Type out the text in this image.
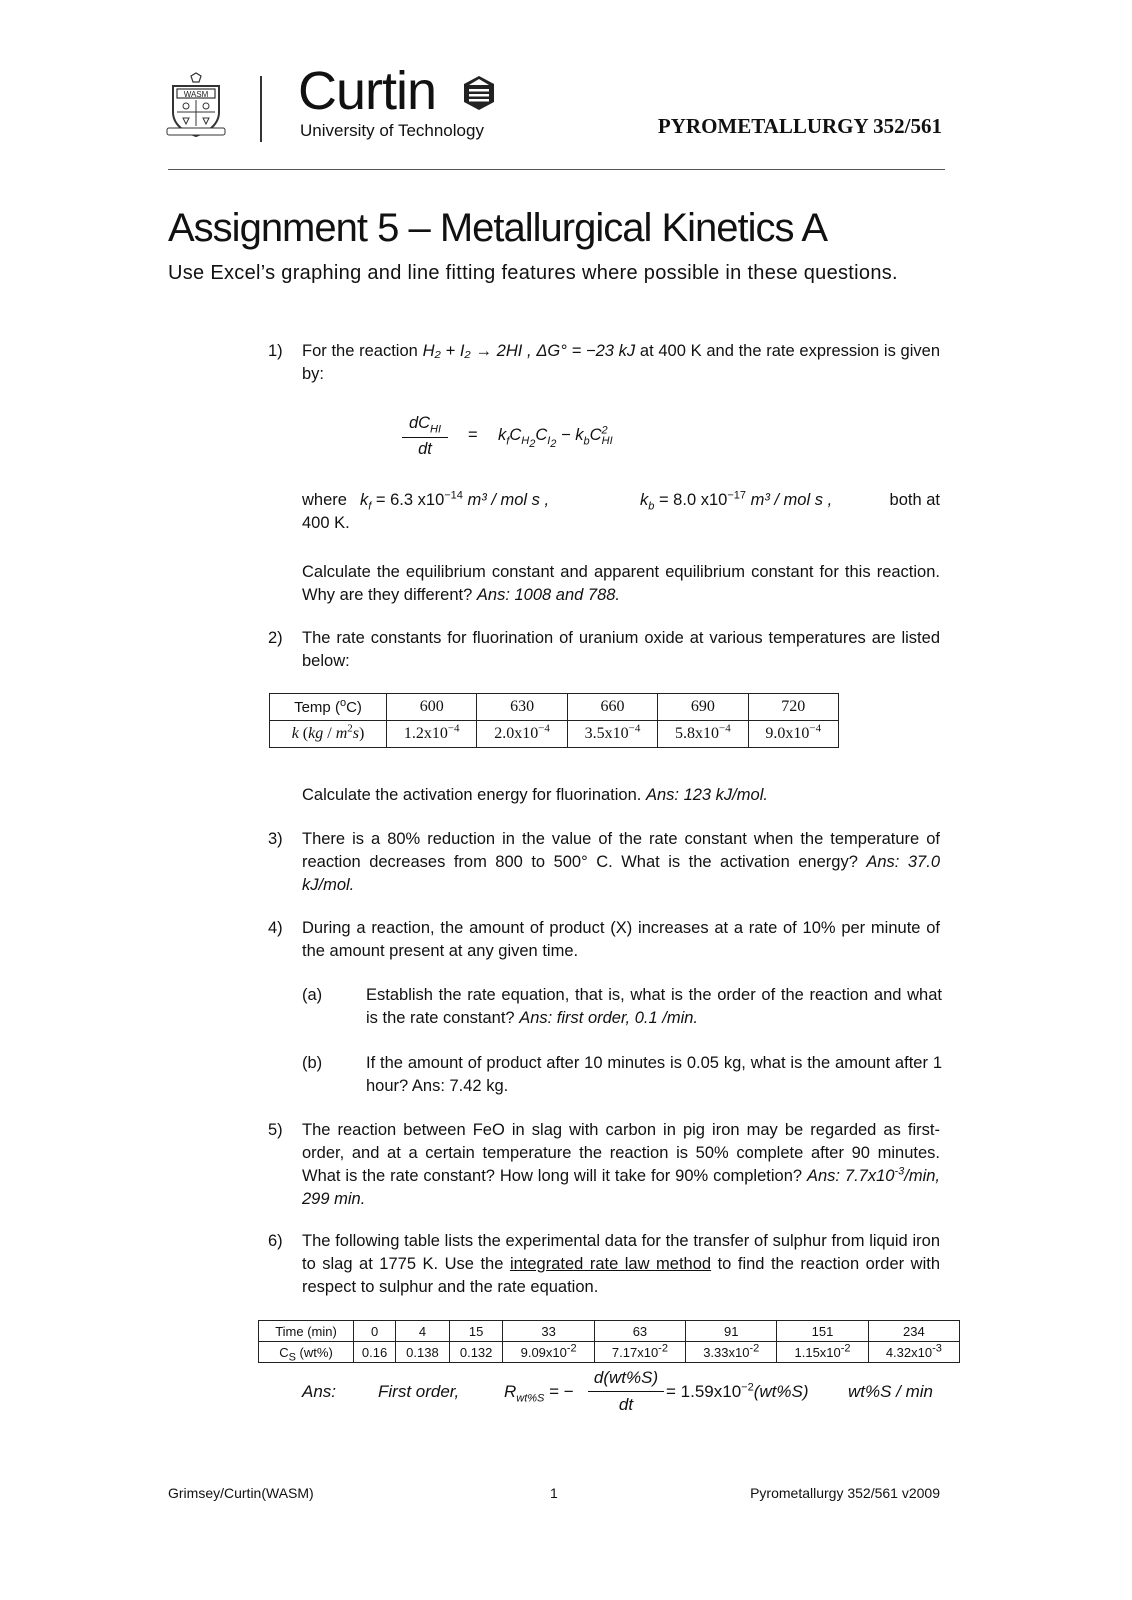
WASM Curtin
University of Technology	PYROMETALLURGY 352/561
Assignment 5 – Metallurgical Kinetics A
Use Excel’s graphing and line fitting features where possible in these questions.
1)	For the reaction H₂ + I₂ → 2HI , ΔG° = −23 kJ at 400 K and the rate expression is given by:
$dC_{HI}$
dt
= $k_fC_{H_2}C_{I_2} - k_bC^2_{HI}$
where $k_f = 6.3$ $x10^{-14}$ m³ / mol s ,	$k_b = 8.0$ $x10^{-17}$ m³ / mol s ,	both at
400 K.
Calculate the equilibrium constant and apparent equilibrium constant for this reaction. Why are they different? Ans: 1008 and 788.
2)	The rate constants for fluorination of uranium oxide at various temperatures are listed below:
Temp ($^o$C)	600	630	660	690	720
k $(kg / m^2s)$	$1.2x10^{-4}$	$2.0x10^{-4}$	$3.5x10^{-4}$	$5.8x10^{-4}$	$9.0x10^{-4}$
Calculate the activation energy for fluorination. Ans: 123 kJ/mol.
3)	There is a 80% reduction in the value of the rate constant when the temperature of reaction decreases from 800 to 500° C. What is the activation energy? Ans: 37.0 kJ/mol.
4)	During a reaction, the amount of product (X) increases at a rate of 10% per minute of the amount present at any given time.
(a)	Establish the rate equation, that is, what is the order of the reaction and what is the rate constant? Ans: first order, 0.1 /min.
(b)	If the amount of product after 10 minutes is 0.05 kg, what is the amount after 1 hour? Ans: 7.42 kg.
5)	The reaction between FeO in slag with carbon in pig iron may be regarded as first-order, and at a certain temperature the reaction is 50% complete after 90 minutes. What is the rate constant? How long will it take for 90% completion? Ans: $7.7x10^{-3}/\min$, 299 min.
6)	The following table lists the experimental data for the transfer of sulphur from liquid iron to slag at 1775 K. Use the integrated rate law method to find the reaction order with respect to sulphur and the rate equation.
Time (min)	0	4	15	33	63	91	151	234
$C_S$ (wt%)	0.16	0.138	0.132	$9.09x10^{-2}$	$7.17x10^{-2}$	$3.33x10^{-2}$	$1.15x10^{-2}$	$4.32x10^{-3}$
Ans: First order,	$R_{wt\%S}$ = −
d(wt%S)
dt
= $1.59x10^{-2}(wt\%S)$ wt%S / min
Grimsey/Curtin(WASM)	1	Pyrometallurgy 352/561 v2009
